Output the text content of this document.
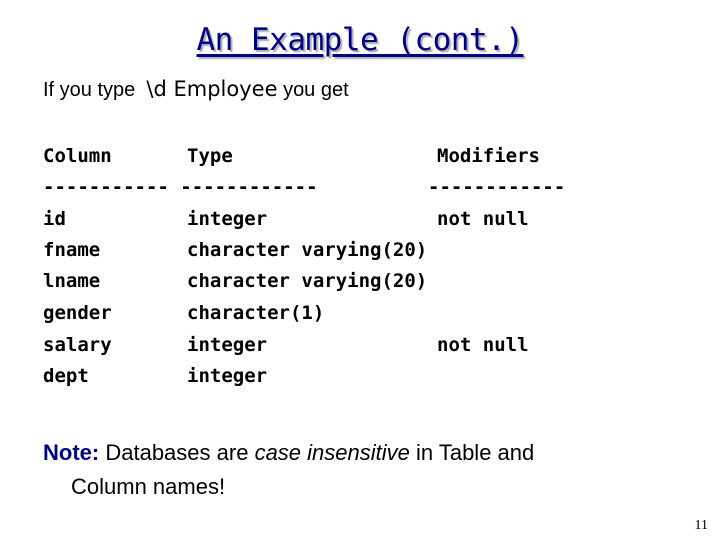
An Example (cont.)
If you type \d Employee you get
Column	Type	Modifiers
----------- ------------	------------
id	integer	not null
fname	character varying(20)
lname	character varying(20)
gender	character(1)
salary	integer	not null
dept	integer
Note: Databases are case insensitive in Table and
Column names!
11
